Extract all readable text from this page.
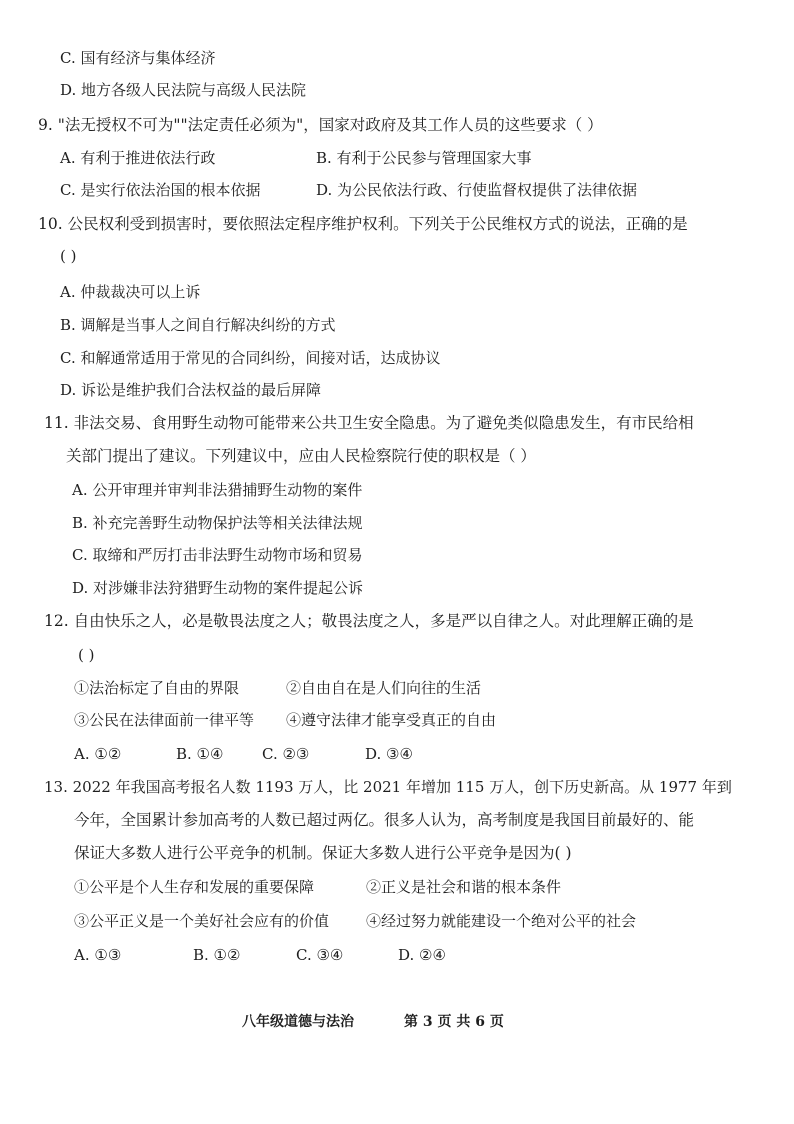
C. 国有经济与集体经济
D. 地方各级人民法院与高级人民法院
9. "法无授权不可为""法定责任必须为"，国家对政府及其工作人员的这些要求（ ）
A. 有利于推进依法行政	B. 有利于公民参与管理国家大事
C. 是实行依法治国的根本依据	D. 为公民依法行政、行使监督权提供了法律依据
10. 公民权利受到损害时，要依照法定程序维护权利。下列关于公民维权方式的说法，正确的是
( )
A. 仲裁裁决可以上诉
B. 调解是当事人之间自行解决纠纷的方式
C. 和解通常适用于常见的合同纠纷，间接对话，达成协议
D. 诉讼是维护我们合法权益的最后屏障
11. 非法交易、食用野生动物可能带来公共卫生安全隐患。为了避免类似隐患发生，有市民给相
关部门提出了建议。下列建议中，应由人民检察院行使的职权是（ ）
A. 公开审理并审判非法猎捕野生动物的案件
B. 补充完善野生动物保护法等相关法律法规
C. 取缔和严厉打击非法野生动物市场和贸易
D. 对涉嫌非法狩猎野生动物的案件提起公诉
12. 自由快乐之人，必是敬畏法度之人；敬畏法度之人，多是严以自律之人。对此理解正确的是
( )
①法治标定了自由的界限	②自由自在是人们向往的生活
③公民在法律面前一律平等 ④遵守法律才能享受真正的自由
A. ①②	B. ①④	C. ②③	D. ③④
13. 2022 年我国高考报名人数 1193 万人，比 2021 年增加 115 万人，创下历史新高。从 1977 年到
今年，全国累计参加高考的人数已超过两亿。很多人认为，高考制度是我国目前最好的、能
保证大多数人进行公平竞争的机制。保证大多数人进行公平竞争是因为( )
①公平是个人生存和发展的重要保障	②正义是社会和谐的根本条件
③公平正义是一个美好社会应有的价值 ④经过努力就能建设一个绝对公平的社会
A. ①③	B. ①②	C. ③④	D. ②④
八年级道德与法治	第 3 页 共 6 页
